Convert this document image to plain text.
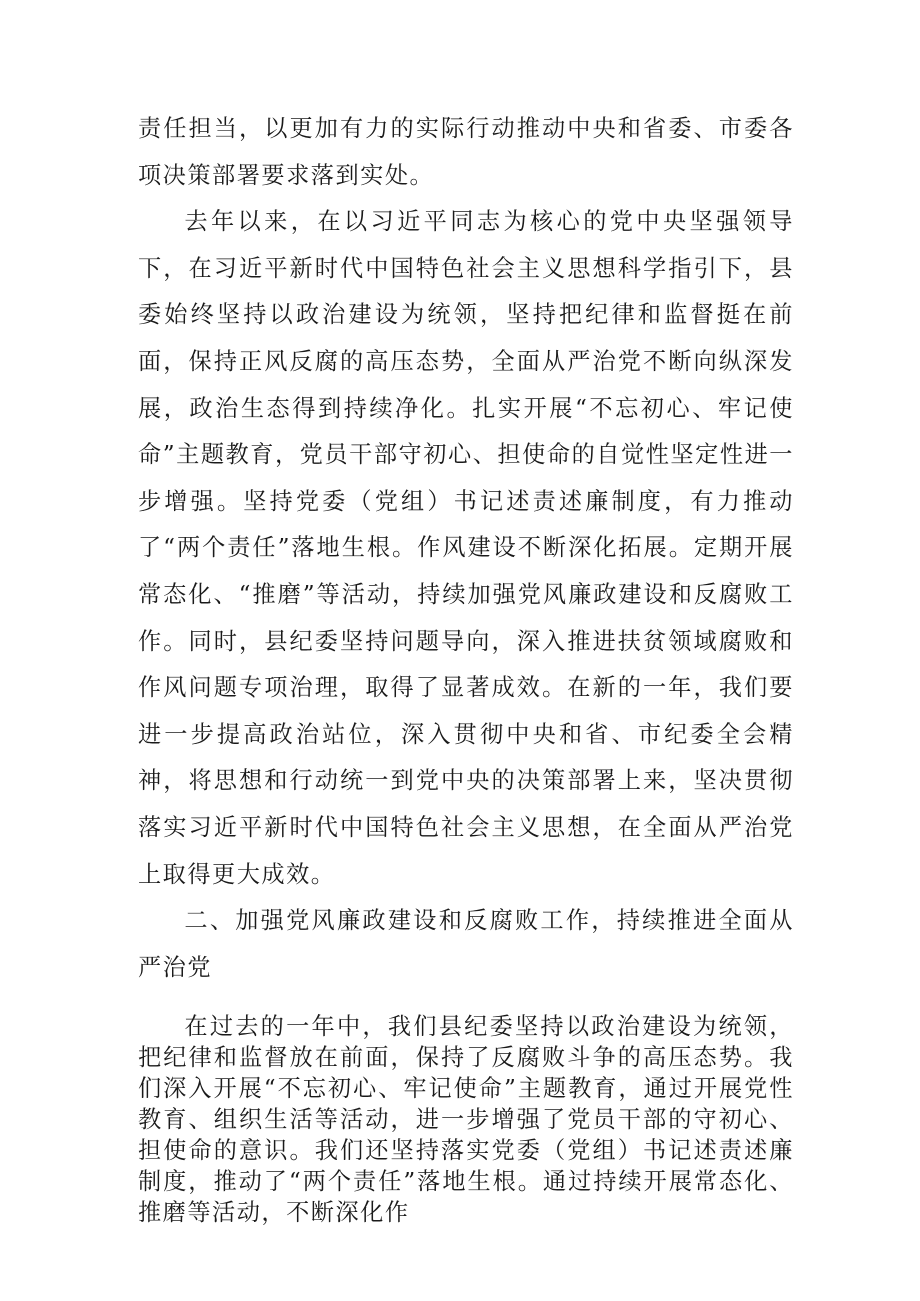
责任担当，以更加有力的实际行动推动中央和省委、市委各项决策部署要求落到实处。

去年以来，在以习近平同志为核心的党中央坚强领导下，在习近平新时代中国特色社会主义思想科学指引下，县委始终坚持以政治建设为统领，坚持把纪律和监督挺在前面，保持正风反腐的高压态势，全面从严治党不断向纵深发展，政治生态得到持续净化。扎实开展“不忘初心、牢记使命”主题教育，党员干部守初心、担使命的自觉性坚定性进一步增强。坚持党委（党组）书记述责述廉制度，有力推动了“两个责任”落地生根。作风建设不断深化拓展。定期开展常态化、“推磨”等活动，持续加强党风廉政建设和反腐败工作。同时，县纪委坚持问题导向，深入推进扶贫领域腐败和作风问题专项治理，取得了显著成效。在新的一年，我们要进一步提高政治站位，深入贯彻中央和省、市纪委全会精神，将思想和行动统一到党中央的决策部署上来，坚决贯彻落实习近平新时代中国特色社会主义思想，在全面从严治党上取得更大成效。

二、加强党风廉政建设和反腐败工作，持续推进全面从严治党

在过去的一年中，我们县纪委坚持以政治建设为统领，把纪律和监督放在前面，保持了反腐败斗争的高压态势。我们深入开展“不忘初心、牢记使命”主题教育，通过开展党性教育、组织生活等活动，进一步增强了党员干部的守初心、担使命的意识。我们还坚持落实党委（党组）书记述责述廉制度，推动了“两个责任”落地生根。通过持续开展常态化、推磨等活动，不断深化作
